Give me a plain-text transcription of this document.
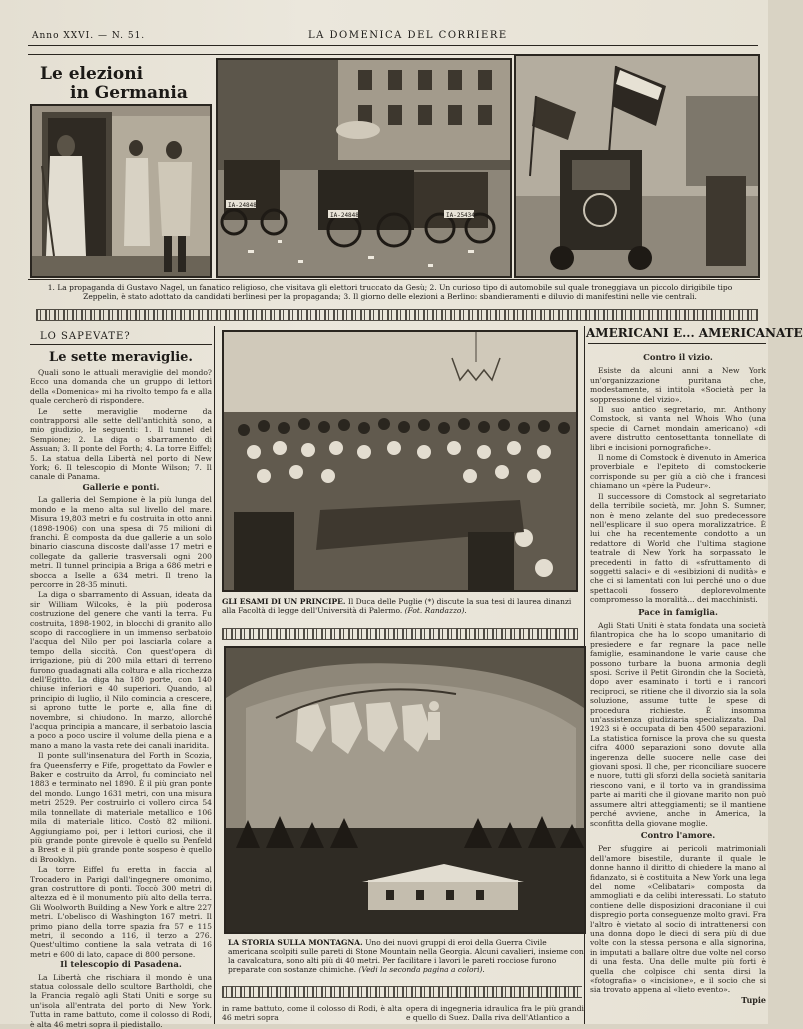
Anno XXVI. — N. 51.	LA DOMENICA DEL CORRIERE
Le elezioni
in Germania
IA-24848
IA-24848	IA-25434
1. La propaganda di Gustavo Nagel, un fanatico religioso, che visitava gli elettori truccato da Gesù; 2. Un curioso tipo di automobile sul quale troneggiava un piccolo dirigibile tipo Zeppelin, è stato adottato da candidati berlinesi per la propaganda; 3. Il giorno delle elezioni a Berlino: sbandieramenti e diluvio di manifestini nelle vie centrali.
LO SAPEVATE?
Le sette meraviglie.

Quali sono le attuali meraviglie del mondo? Ecco una domanda che un gruppo di lettori della «Domenica» mi ha rivolto tempo fa e alla quale cercherò di rispondere.

Le sette meraviglie moderne da contrapporsi alle sette dell'antichità sono, a mio giudizio, le seguenti: 1. Il tunnel del Sempione; 2. La diga o sbarramento di Assuan; 3. Il ponte del Forth; 4. La torre Eiffel; 5. La statua della Libertà nel porto di New York; 6. Il telescopio di Monte Wilson; 7. Il canale di Panama.

Gallerie e ponti.

La galleria del Sempione è la più lunga del mondo e la meno alta sul livello del mare. Misura 19,803 metri e fu costruita in otto anni (1898-1906) con una spesa di 75 milioni di franchi. È composta da due gallerie a un solo binario ciascuna discoste dall'asse 17 metri e collegate da gallerie trasversali ogni 200 metri. Il tunnel principia a Briga a 686 metri e sbocca a Iselle a 634 metri. Il treno la percorre in 28-35 minuti.

La diga o sbarramento di Assuan, ideata da sir William Wilcoks, è la più poderosa costruzione del genere che vanti la terra. Fu costruita, 1898-1902, in blocchi di granito allo scopo di raccogliere in un immenso serbatoio l'acqua del Nilo per poi lasciarla colare a tempo della siccità. Con quest'opera di irrigazione, più di 200 mila ettari di terreno furono guadagnati alla coltura e alla ricchezza dell'Egitto. La diga ha 180 porte, con 140 chiuse inferiori e 40 superiori. Quando, al principio di luglio, il Nilo comincia a crescere, si aprono tutte le porte e, alla fine di novembre, si chiudono. In marzo, allorché l'acqua principia a mancare, il serbatoio lascia a poco a poco uscire il volume della piena e a mano a mano la vasta rete dei canali inaridita.

Il ponte sull'insenatura del Forth in Scozia, fra Queensferry e Fife, progettato da Fowler e Baker e costruito da Arrol, fu cominciato nel 1883 e terminato nel 1890. È il più gran ponte del mondo. Lungo 1631 metri, con una misura metri 2529. Per costruirlo ci vollero circa 54 mila tonnellate di materiale metallico e 106 mila di materiale litico. Costò 82 milioni. Aggiungiamo poi, per i lettori curiosi, che il più grande ponte girevole è quello su Penfeld a Brest e il più grande ponte sospeso è quello di Brooklyn.

La torre Eiffel fu eretta in faccia al Trocadero in Parigi dall'ingegnere omonimo, gran costruttore di ponti. Toccò 300 metri di altezza ed è il monumento più alto della terra. Gli Woolworth Building a New York e altre 227 metri. L'obelisco di Washington 167 metri. Il primo piano della torre spazia fra 57 e 115 metri, il secondo a 116, il terzo a 276. Quest'ultimo contiene la sala vetrata di 16 metri e 600 di lato, capace di 800 persone.

Il telescopio di Pasadena.

La Libertà che rischiara il mondo è una statua colossale dello scultore Bartholdi, che la Francia regalò agli Stati Uniti e sorge su un'isola all'entrata del porto di New York. Tutta in rame battuto, come il colosso di Rodi, è alta 46 metri sopra il piedistallo.

GLI ESAMI DI UN PRINCIPE. Il Duca delle Puglie (*) discute la sua tesi di laurea dinanzi alla Facoltà di legge dell'Università di Palermo. (Fot. Randazzo).
LA STORIA SULLA MONTAGNA. Uno dei nuovi gruppi di eroi della Guerra Civile americana scolpiti sulle pareti di Stone Mountain nella Georgia. Alcuni cavalieri, insieme con la cavalcatura, sono alti più di 40 metri. Per facilitare i lavori le pareti rocciose furono preparate con sostanze chimiche. (Vedi la seconda pagina a colori).
in rame battuto, come il colosso di Rodi, è alta 46 metri sopra
opera di ingegneria idraulica fra le più grandi e quello di Suez. Dalla riva dell'Atlantico a
AMERICANI E... AMERICANATE
Contro il vizio.

Esiste da alcuni anni a New York un'organizzazione puritana che, modestamente, si intitola «Società per la soppressione del vizio».

Il suo antico segretario, mr. Anthony Comstock, si vanta nel Whois Who (una specie di Carnet mondain americano) «di avere distrutto centosettanta tonnellate di libri e incisioni pornografiche».

Il nome di Comstock è divenuto in America proverbiale e l'epiteto di comstockerie corrisponde su per giù a ciò che i francesi chiamano un «père la Pudeur».

Il successore di Comstock al segretariato della terribile società, mr. John S. Sumner, non è meno zelante del suo predecessore nell'esplicare il suo opera moralizzatrice. È lui che ha recentemente condotto a un redattore di World che l'ultima stagione teatrale di New York ha sorpassato le precedenti in fatto di «sfruttamento di soggetti salaci» e di «esibizioni di nudità» e che ci si lamentati con lui perché uno o due spettacoli fossero deplorevolmente compromesso la moralità... dei macchinisti.

Pace in famiglia.

Agli Stati Uniti è stata fondata una società filantropica che ha lo scopo umanitario di presiedere e far regnare la pace nelle famiglie, esaminandone le varie cause che possono turbare la buona armonia degli sposi. Scrive il Petit Girondin che la Società, dopo aver esaminato i torti e i rancori reciproci, se ritiene che il divorzio sia la sola soluzione, assume tutte le spese di procedura richieste. È insomma un'assistenza giudiziaria specializzata. Dal 1923 si è occupata di ben 4500 separazioni. La statistica fornisce la prova che su questa cifra 4000 separazioni sono dovute alla ingerenza delle suocere nelle case dei giovani sposi. Il che, per riconciliare suocere e nuore, tutti gli sforzi della società sanitaria riescono vani, e il torto va in grandissima parte ai mariti che il giovane marito non può assumere altri atteggiamenti; se il mantiene perché avviene, anche in America, la sconfitta della giovane moglie.

Contro l'amore.

Per sfuggire ai pericoli matrimoniali dell'amore bisestile, durante il quale le donne hanno il diritto di chiedere la mano al fidanzato, si è costituita a New York una lega del nome «Celibatari» composta da ammogliati e da celibi interessati. Lo statuto contiene delle disposizioni draconiane il cui dispregio porta conseguenze molto gravi. Fra l'altro è vietato al socio di intrattenersi con una donna dopo le dieci di sera più di due volte con la stessa persona e alla signorina, in imputati a ballare oltre due volte nel corso di una festa. Una delle multe più forti è quella che colpisce chi senta dirsi la «fotografia» o «incisione», e il socio che si sia trovato appena al «lieto evento».

Tupie
